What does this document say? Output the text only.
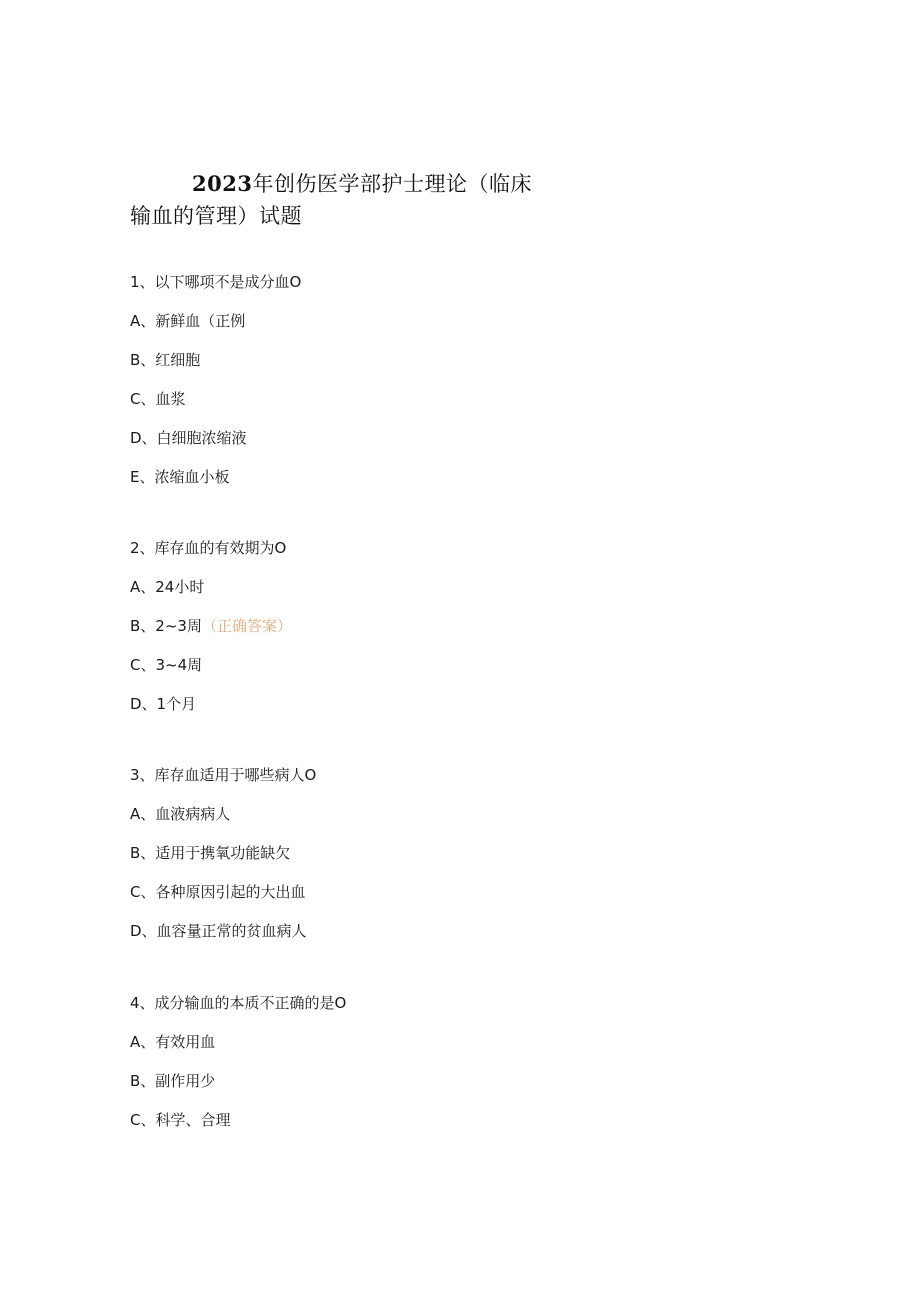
2023年创伤医学部护士理论（临床
输血的管理）试题
1、以下哪项不是成分血O
A、新鲜血（正例
B、红细胞
C、血浆
D、白细胞浓缩液
E、浓缩血小板
2、库存血的有效期为O
A、24小时
B、2~3周（正确答案）
C、3~4周
D、1个月
3、库存血适用于哪些病人O
A、血液病病人
B、适用于携氧功能缺欠
C、各种原因引起的大出血
D、血容量正常的贫血病人
4、成分输血的本质不正确的是O
A、有效用血
B、副作用少
C、科学、合理
